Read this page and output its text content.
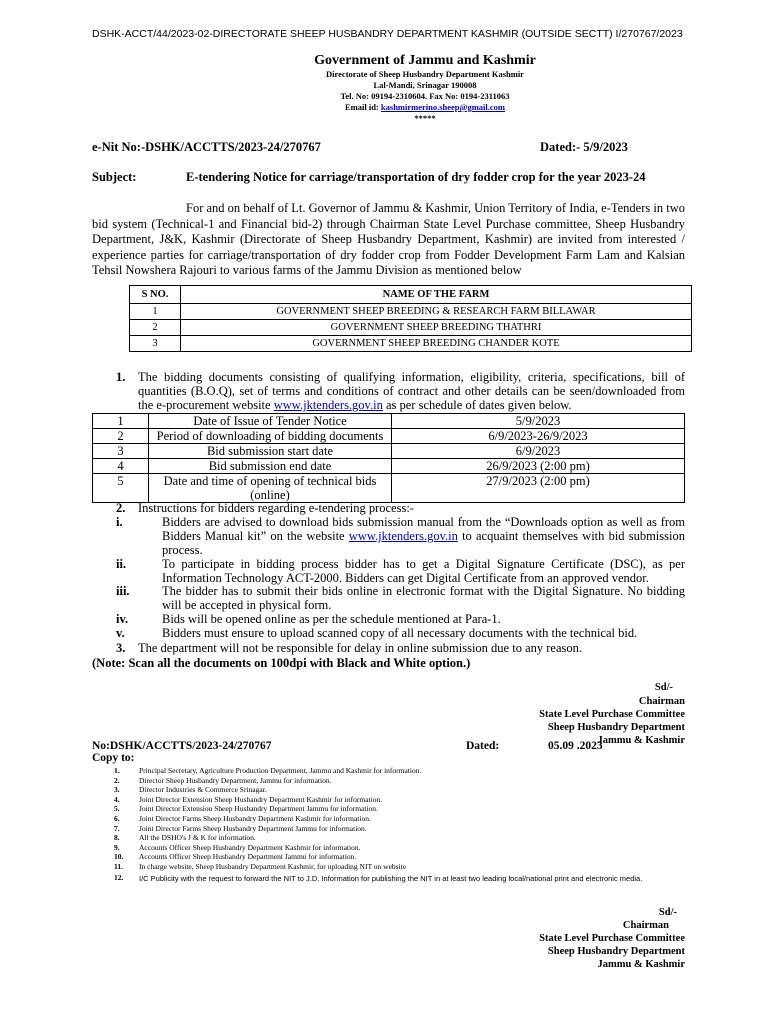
DSHK-ACCT/44/2023-02-DIRECTORATE SHEEP HUSBANDRY DEPARTMENT KASHMIR (OUTSIDE SECTT) I/270767/2023
Government of Jammu and Kashmir
Directorate of Sheep Husbandry Department Kashmir
Lal-Mandi, Srinagar 190008
Tel. No: 09194-2310604. Fax No: 0194-2311063
Email id: kashmirmerino.sheep@gmail.com
*****
e-Nit No:-DSHK/ACCTTS/2023-24/270767	Dated:- 5/9/2023
Subject:	E-tendering Notice for carriage/transportation of dry fodder crop for the year 2023-24
For and on behalf of Lt. Governor of Jammu & Kashmir, Union Territory of India, e-Tenders in two bid system (Technical-1 and Financial bid-2) through Chairman State Level Purchase committee, Sheep Husbandry Department, J&K, Kashmir (Directorate of Sheep Husbandry Department, Kashmir) are invited from interested / experience parties for carriage/transportation of dry fodder crop from Fodder Development Farm Lam and Kalsian Tehsil Nowshera Rajouri to various farms of the Jammu Division as mentioned below
S NO.	NAME OF THE FARM
1	GOVERNMENT SHEEP BREEDING & RESEARCH FARM BILLAWAR
2	GOVERNMENT SHEEP BREEDING THATHRI
3	GOVERNMENT SHEEP BREEDING CHANDER KOTE
1. The bidding documents consisting of qualifying information, eligibility, criteria, specifications, bill of quantities (B.O.Q), set of terms and conditions of contract and other details can be seen/downloaded from the e-procurement website www.jktenders.gov.in as per schedule of dates given below.
1	Date of Issue of Tender Notice	5/9/2023
2	Period of downloading of bidding documents	6/9/2023-26/9/2023
3	Bid submission start date	6/9/2023
4	Bid submission end date	26/9/2023 (2:00 pm)
5	Date and time of opening of technical bids (online)	27/9/2023 (2:00 pm)
2. Instructions for bidders regarding e-tendering process:-
i.	Bidders are advised to download bids submission manual from the “Downloads option as well as from Bidders Manual kit” on the website www.jktenders.gov.in to acquaint themselves with bid submission process.
ii.	To participate in bidding process bidder has to get a Digital Signature Certificate (DSC), as per Information Technology ACT-2000. Bidders can get Digital Certificate from an approved vendor.
iii.	The bidder has to submit their bids online in electronic format with the Digital Signature. No bidding will be accepted in physical form.
iv.	Bids will be opened online as per the schedule mentioned at Para-1.
v.	Bidders must ensure to upload scanned copy of all necessary documents with the technical bid.
3. The department will not be responsible for delay in online submission due to any reason.
(Note: Scan all the documents on 100dpi with Black and White option.)
Sd/-
Chairman
State Level Purchase Committee
Sheep Husbandry Department
Jammu & Kashmir
No:DSHK/ACCTTS/2023-24/270767	Dated:	05.09 .2023
Copy to:
1.	Principal Secretary, Agriculture Production Department, Jammu and Kashmir for information.
2.	Director Sheep Husbandry Department, Jammu for information.
3.	Director Industries & Commerce Srinagar.
4.	Joint Director Extension Sheep Husbandry Department Kashmir for information.
5.	Joint Director Extension Sheep Husbandry Department Jammu for information.
6.	Joint Director Farms Sheep Husbandry Department Kashmir for information.
7.	Joint Director Farms Sheep Husbandry Department Jammu for information.
8.	All the DSHO's J & K for information.
9.	Accounts Officer Sheep Husbandry Department Kashmir for information.
10. Accounts Officer Sheep Husbandry Department Jammu for information.
11. In charge website, Sheep Husbandry Department Kashmir, for uploading NIT on website
12. I/C Publicity with the request to forward the NIT to J.D. Information for publishing the NIT in at least two leading local/national print and electronic media.
Sd/-
Chairman
State Level Purchase Committee
Sheep Husbandry Department
Jammu & Kashmir
